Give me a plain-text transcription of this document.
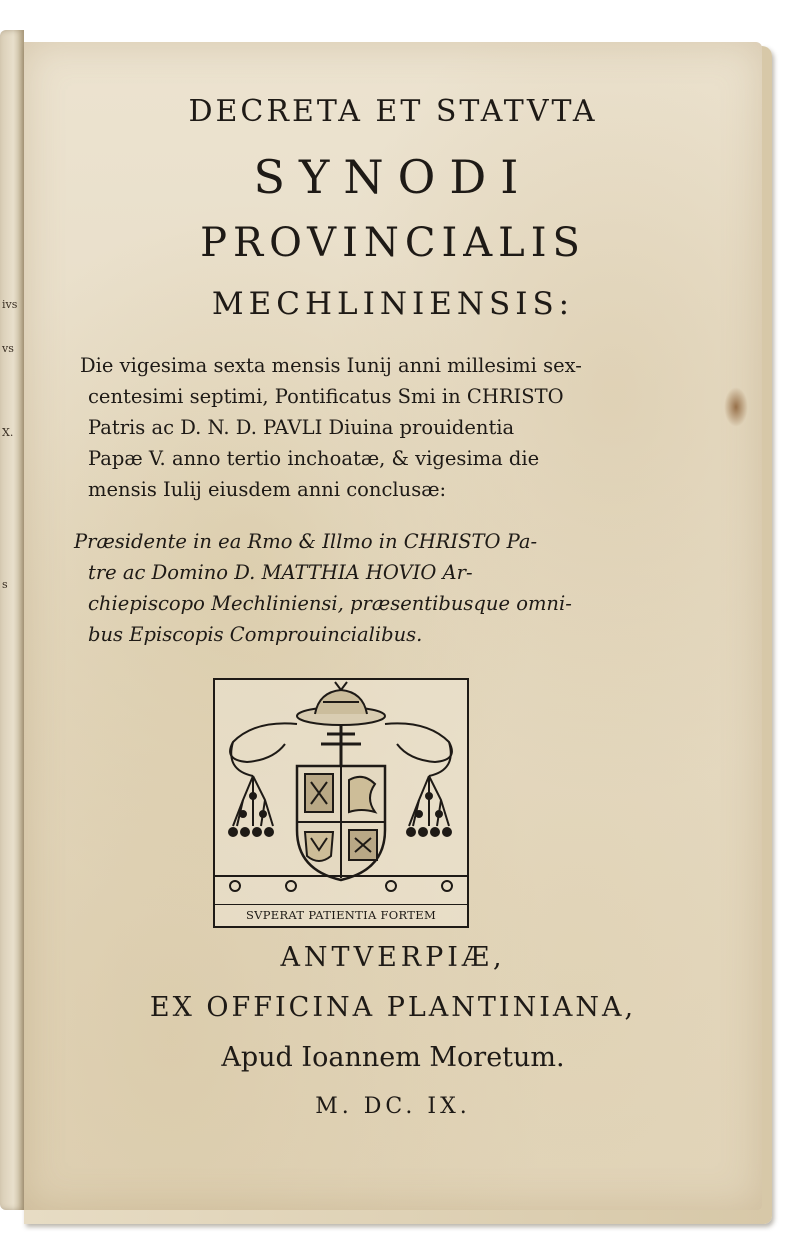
ivs
vs
X.
s
DECRETA ET STATVTA
SYNODI
PROVINCIALIS
MECHLINIENSIS:
Die vigesima sexta mensis Iunij anni millesimi sex-
centesimi septimi, Pontificatus Smi in CHRISTO
Patris ac D. N. D. PAVLI Diuina prouidentia
Papæ V. anno tertio inchoatæ, & vigesima die
mensis Iulij eiusdem anni conclusæ:
Præsidente in ea Rmo & Illmo in CHRISTO Pa-
tre ac Domino D. MATTHIA HOVIO Ar-
chiepiscopo Mechliniensi, præsentibusque omni-
bus Episcopis Comprouincialibus.
SVPERAT PATIENTIA FORTEM
ANTVERPIÆ,
EX OFFICINA PLANTINIANA,
Apud Ioannem Moretum.
M. DC. IX.
